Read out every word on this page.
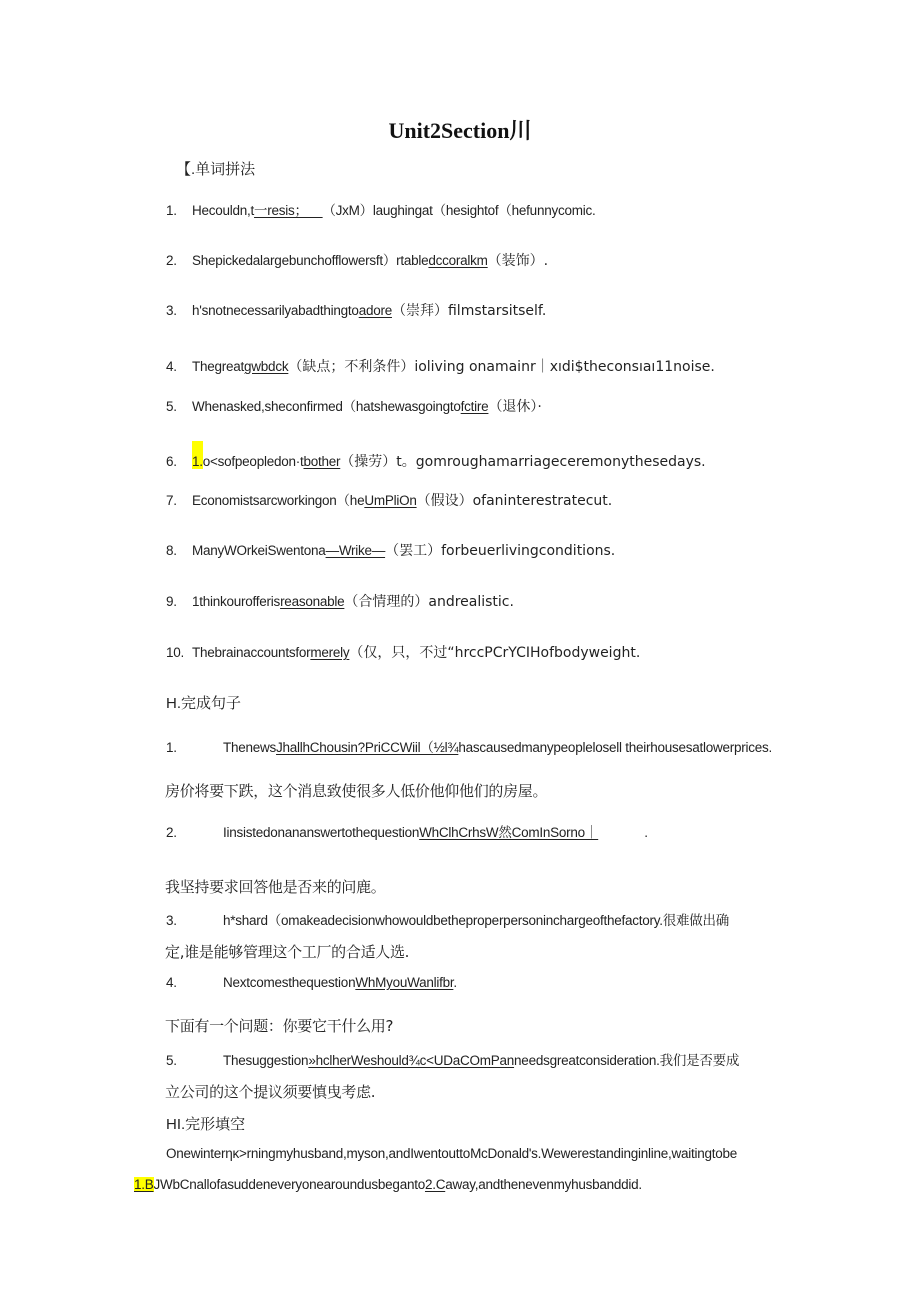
Unit2Section川
【.单词拼法
1. Hecouldn,t一resis；__（JxM）laughingat（hesightof（hefunnycomic.
2. Shepickedalargebunchofflowersft）rtabledccoralkm（装饰）.
3. h'snotnecessarilyabadthingtoadore（崇拜）filmstarsitself.
4. Thegreatgwbdck（缺点；不利条件）ioliving onamainr｜xıdi$theconsıaı11noise.
5. Whenasked,sheconfirmed（hatshewasgoingtofctire（退休）·
6. 1.o<sofpeopledon·tbother（操劳）t。gomroughamarriageceremonythesedays.
7. Economistsarcworkingon（heUmPliOn（假设）ofaninterestratecut.
8. ManyWOrkeiSwentona—Wrike—（罢工）forbeuerlivingconditions.
9. 1thinkourofferisreasonable（合情理的）andrealistic.
10. Thebrainaccountsformerely（仅，只，不过“hrccPCrYCIHofbodyweight.
H.完成句子
1.	ThenewsJhallhChousin?PriCCWiil（½l¾hascausedmanypeoplelosell theirhousesatlowerprices.
房价将要下跌，这个消息致使很多人低价他仰他们的房屋。
2.	IinsistedonananswertothequestionWhClhCrhsW然ComInSorno｜	.
我坚持要求回答他是否来的问鹿。
3.	h*shard（omakeadecisionwhowouldbetheproperpersoninchargeofthefactory.很难做出确
定,谁是能够管理这个工厂的合适人选.
4.	NextcomesthequestionWhMyouWanlifbr.
下面有一个问题：你要它干什么用?
5.	Thesuggestion»hclherWeshould¾c<UDaCOmPanneedsgreatconsideration.我们是否要成
立公司的这个提议须要慎曳考虑.
HI.完形填空
Onewinterηκ>rningmyhusband,myson,andIwentouttoMcDonald's.Wewerestandinginline,waitingtobe
1.BJWbCnallofasuddeneveryonearoundusbeganto2.Caway,andthenevenmyhusbanddid.
